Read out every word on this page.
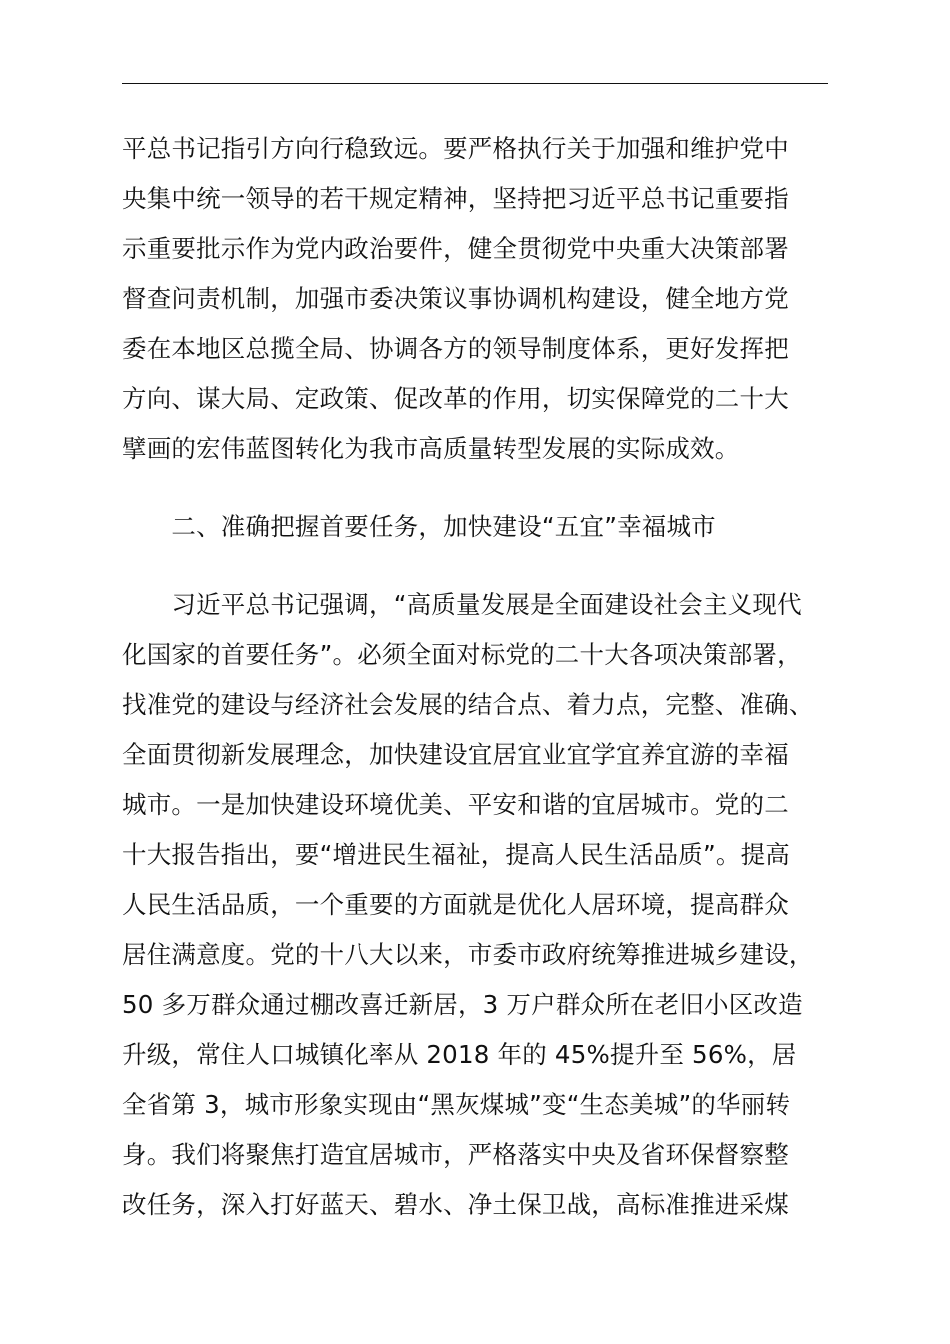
平总书记指引方向行稳致远。要严格执行关于加强和维护党中
央集中统一领导的若干规定精神，坚持把习近平总书记重要指
示重要批示作为党内政治要件，健全贯彻党中央重大决策部署
督查问责机制，加强市委决策议事协调机构建设，健全地方党
委在本地区总揽全局、协调各方的领导制度体系，更好发挥把
方向、谋大局、定政策、促改革的作用，切实保障党的二十大
擘画的宏伟蓝图转化为我市高质量转型发展的实际成效。
　　二、准确把握首要任务，加快建设“五宜”幸福城市
　　习近平总书记强调，“高质量发展是全面建设社会主义现代
化国家的首要任务”。必须全面对标党的二十大各项决策部署，
找准党的建设与经济社会发展的结合点、着力点，完整、准确、
全面贯彻新发展理念，加快建设宜居宜业宜学宜养宜游的幸福
城市。一是加快建设环境优美、平安和谐的宜居城市。党的二
十大报告指出，要“增进民生福祉，提高人民生活品质”。提高
人民生活品质，一个重要的方面就是优化人居环境，提高群众
居住满意度。党的十八大以来，市委市政府统筹推进城乡建设，
50 多万群众通过棚改喜迁新居，3 万户群众所在老旧小区改造
升级，常住人口城镇化率从 2018 年的 45%提升至 56%，居
全省第 3，城市形象实现由“黑灰煤城”变“生态美城”的华丽转
身。我们将聚焦打造宜居城市，严格落实中央及省环保督察整
改任务，深入打好蓝天、碧水、净土保卫战，高标准推进采煤
